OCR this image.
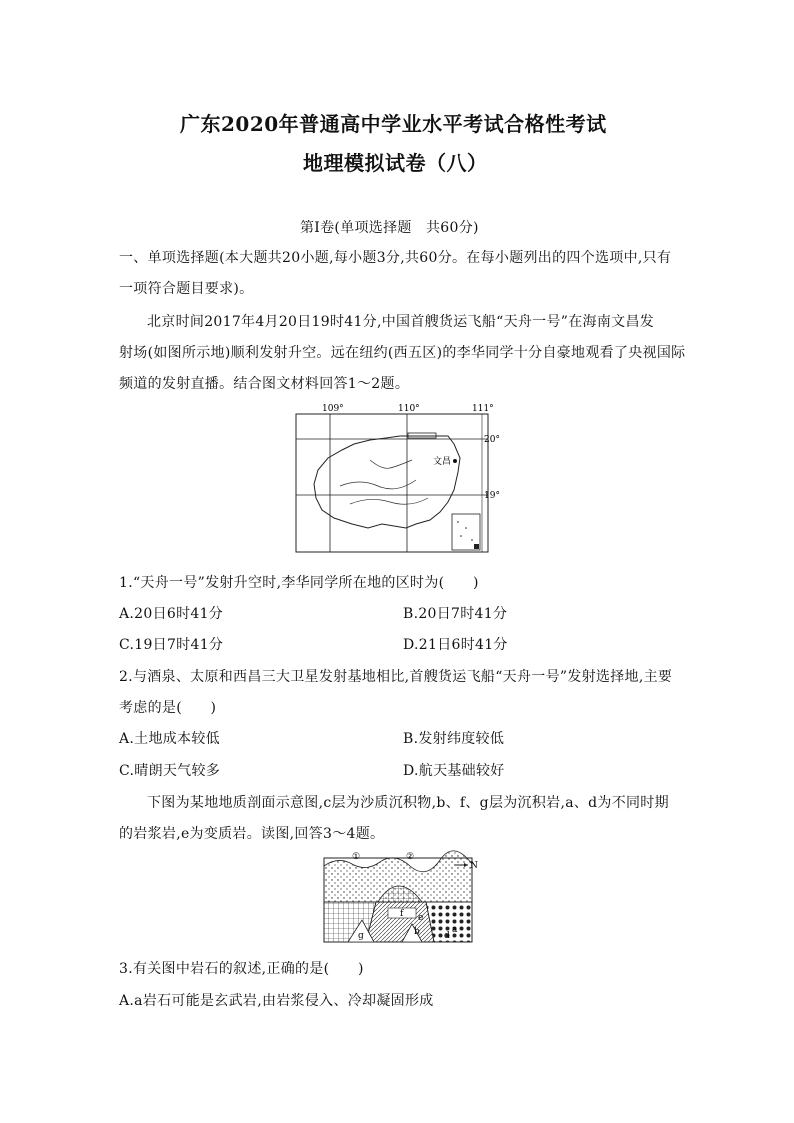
广东2020年普通高中学业水平考试合格性考试
地理模拟试卷（八）
第Ⅰ卷(单项选择题　共60分)
一、单项选择题(本大题共20小题,每小题3分,共60分。在每小题列出的四个选项中,只有
一项符合题目要求)。
北京时间2017年4月20日19时41分,中国首艘货运飞船“天舟一号”在海南文昌发
射场(如图所示地)顺利发射升空。远在纽约(西五区)的李华同学十分自豪地观看了央视国际
频道的发射直播。结合图文材料回答1～2题。
109°	110°	111°
20°
19°
文昌
1.“天舟一号”发射升空时,李华同学所在地的区时为(　　)
A.20日6时41分	B.20日7时41分
C.19日7时41分	D.21日6时41分
2.与酒泉、太原和西昌三大卫星发射基地相比,首艘货运飞船“天舟一号”发射选择地,主要
考虑的是(　　)
A.土地成本较低	B.发射纬度较低
C.晴朗天气较多	D.航天基础较好
下图为某地地质剖面示意图,c层为沙质沉积物,b、f、g层为沉积岩,a、d为不同时期
的岩浆岩,e为变质岩。读图,回答3～4题。
①	②
N
a
b	d
e
f
g
3.有关图中岩石的叙述,正确的是(　　)
A.a岩石可能是玄武岩,由岩浆侵入、冷却凝固形成
